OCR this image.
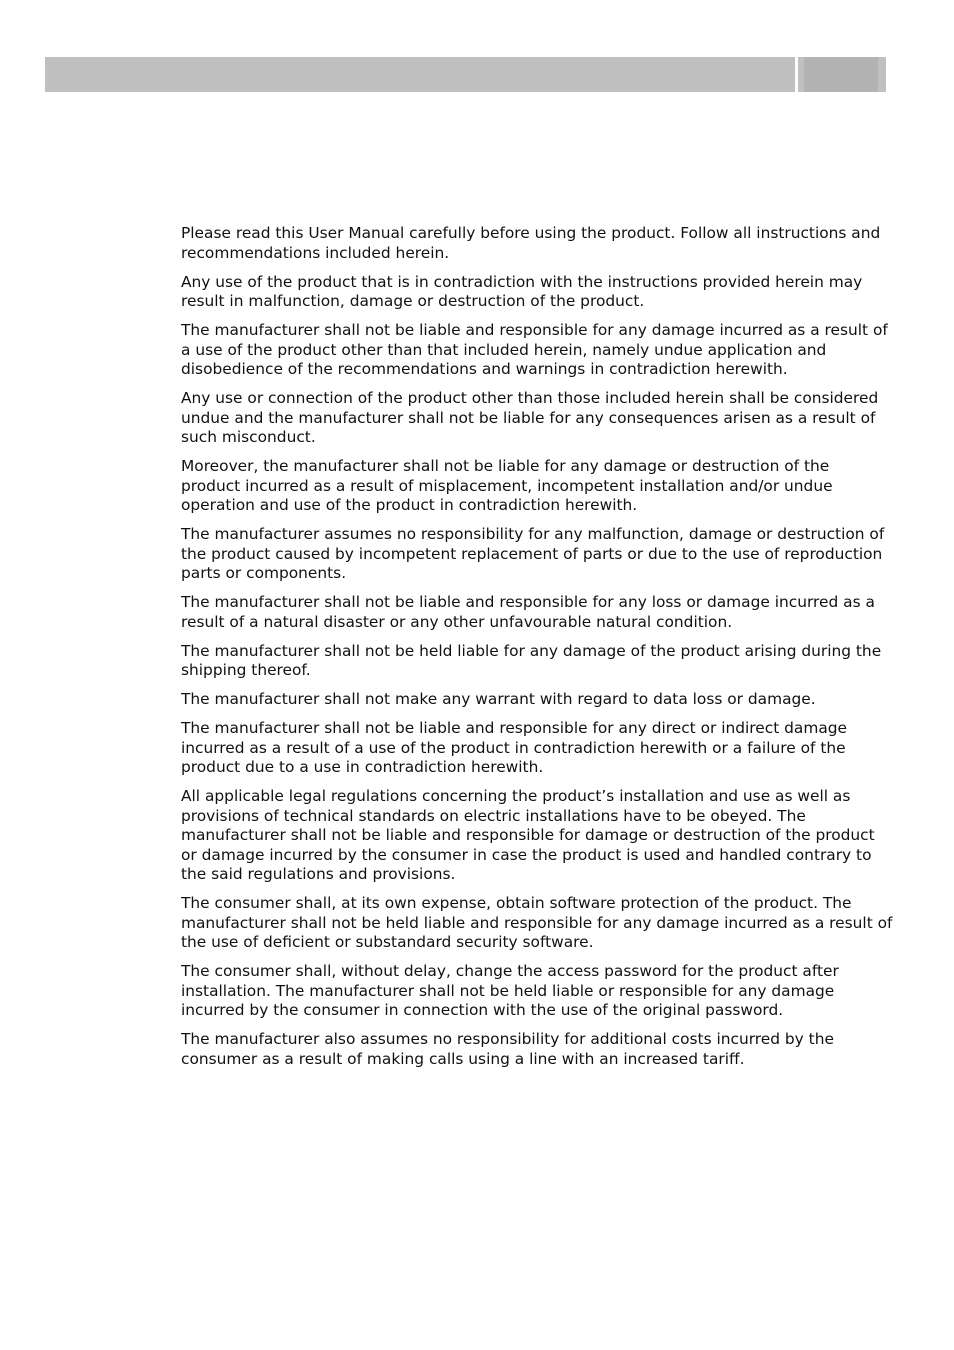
Please read this User Manual carefully before using the product. Follow all instructions and recommendations included herein.

Any use of the product that is in contradiction with the instructions provided herein may result in malfunction, damage or destruction of the product.

The manufacturer shall not be liable and responsible for any damage incurred as a result of a use of the product other than that included herein, namely undue application and disobedience of the recommendations and warnings in contradiction herewith.

Any use or connection of the product other than those included herein shall be considered undue and the manufacturer shall not be liable for any consequences arisen as a result of such misconduct.

Moreover, the manufacturer shall not be liable for any damage or destruction of the product incurred as a result of misplacement, incompetent installation and/or undue operation and use of the product in contradiction herewith.

The manufacturer assumes no responsibility for any malfunction, damage or destruction of the product caused by incompetent replacement of parts or due to the use of reproduction parts or components.

The manufacturer shall not be liable and responsible for any loss or damage incurred as a result of a natural disaster or any other unfavourable natural condition.

The manufacturer shall not be held liable for any damage of the product arising during the shipping thereof.

The manufacturer shall not make any warrant with regard to data loss or damage.

The manufacturer shall not be liable and responsible for any direct or indirect damage incurred as a result of a use of the product in contradiction herewith or a failure of the product due to a use in contradiction herewith.

All applicable legal regulations concerning the product’s installation and use as well as provisions of technical standards on electric installations have to be obeyed. The manufacturer shall not be liable and responsible for damage or destruction of the product or damage incurred by the consumer in case the product is used and handled contrary to the said regulations and provisions.

The consumer shall, at its own expense, obtain software protection of the product. The manufacturer shall not be held liable and responsible for any damage incurred as a result of the use of deficient or substandard security software.

The consumer shall, without delay, change the access password for the product after installation. The manufacturer shall not be held liable or responsible for any damage incurred by the consumer in connection with the use of the original password.

The manufacturer also assumes no responsibility for additional costs incurred by the consumer as a result of making calls using a line with an increased tariff.
